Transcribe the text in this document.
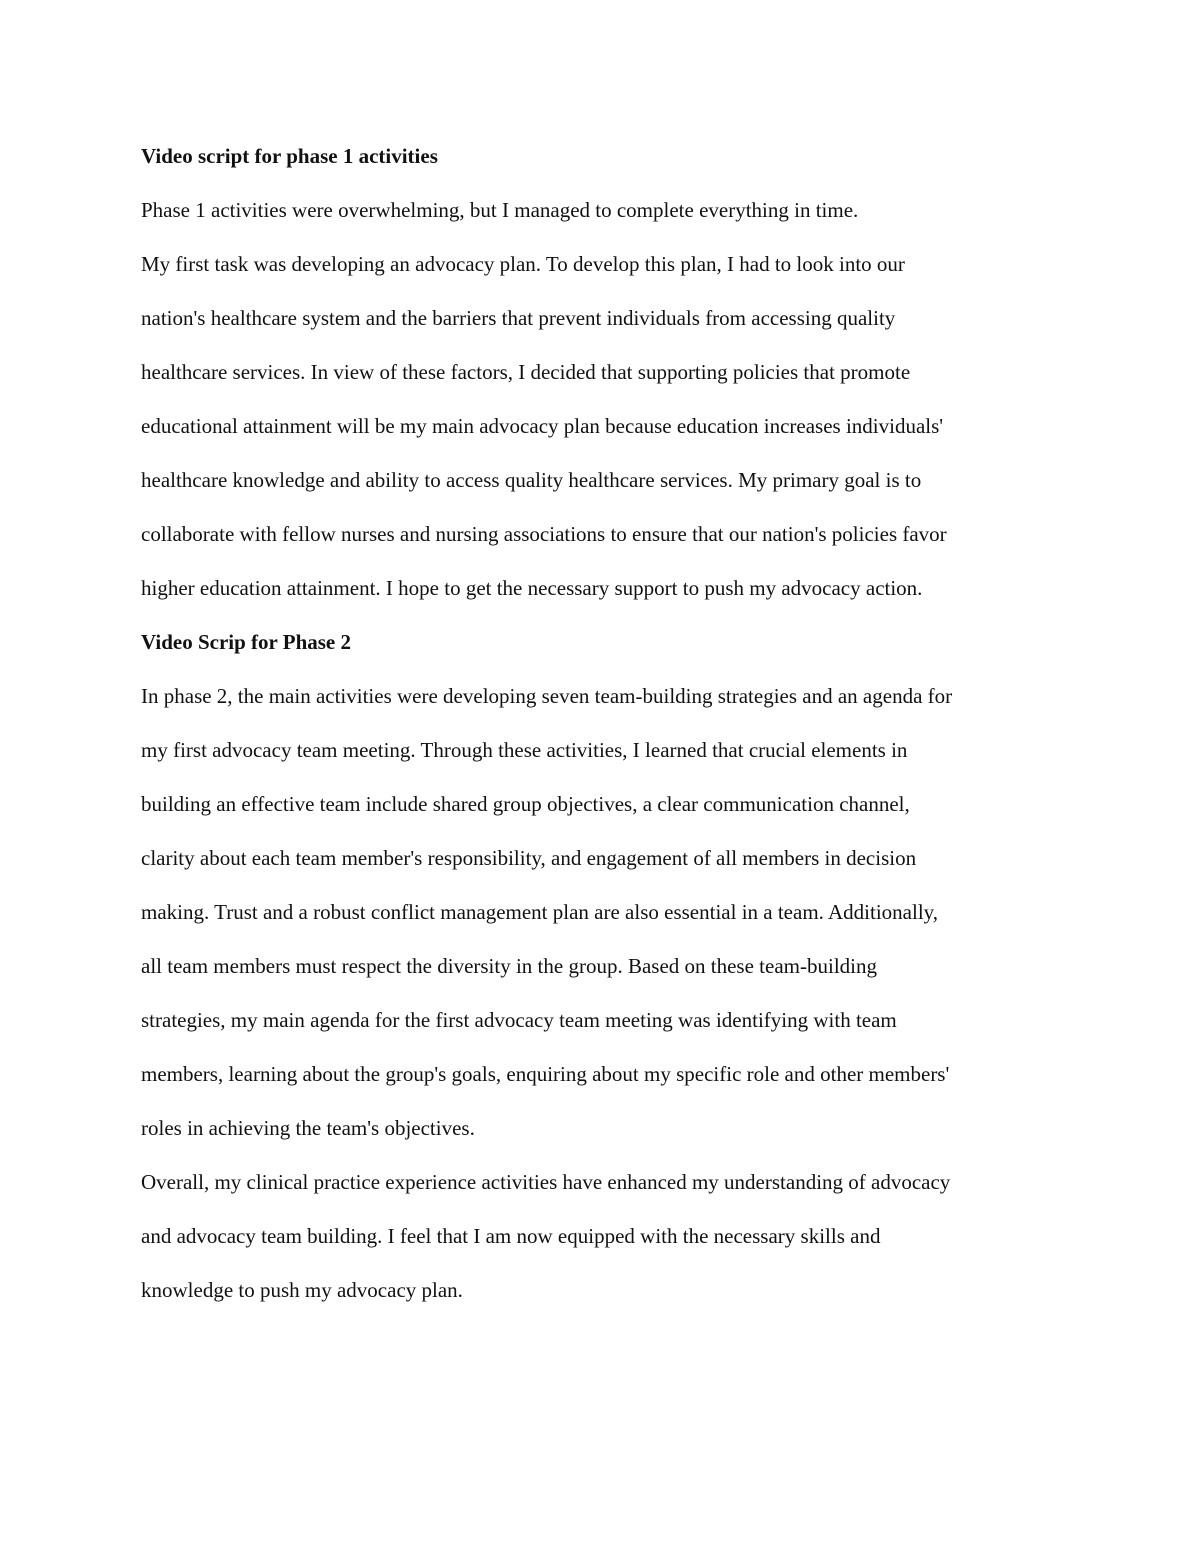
Video script for phase 1 activities
Phase 1 activities were overwhelming, but I managed to complete everything in time.
My first task was developing an advocacy plan. To develop this plan, I had to look into our
nation's healthcare system and the barriers that prevent individuals from accessing quality
healthcare services. In view of these factors, I decided that supporting policies that promote
educational attainment will be my main advocacy plan because education increases individuals'
healthcare knowledge and ability to access quality healthcare services. My primary goal is to
collaborate with fellow nurses and nursing associations to ensure that our nation's policies favor
higher education attainment. I hope to get the necessary support to push my advocacy action.
Video Scrip for Phase 2
In phase 2, the main activities were developing seven team-building strategies and an agenda for
my first advocacy team meeting. Through these activities, I learned that crucial elements in
building an effective team include shared group objectives, a clear communication channel,
clarity about each team member's responsibility, and engagement of all members in decision
making. Trust and a robust conflict management plan are also essential in a team. Additionally,
all team members must respect the diversity in the group. Based on these team-building
strategies, my main agenda for the first advocacy team meeting was identifying with team
members, learning about the group's goals, enquiring about my specific role and other members'
roles in achieving the team's objectives.
Overall, my clinical practice experience activities have enhanced my understanding of advocacy
and advocacy team building. I feel that I am now equipped with the necessary skills and
knowledge to push my advocacy plan.
